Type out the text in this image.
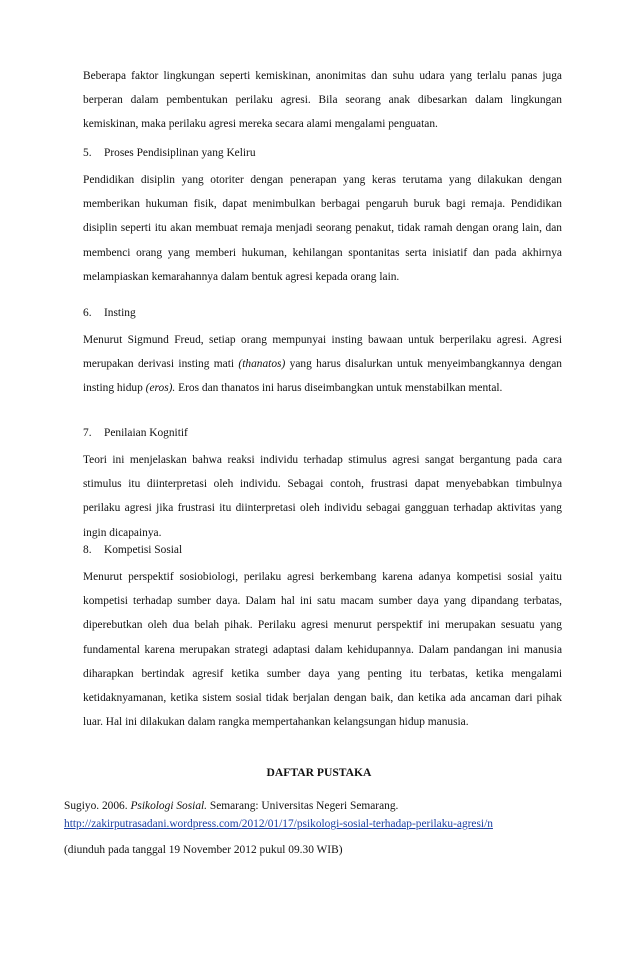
Beberapa faktor lingkungan seperti kemiskinan, anonimitas dan suhu udara yang terlalu panas juga berperan dalam pembentukan perilaku agresi. Bila seorang anak dibesarkan dalam lingkungan kemiskinan, maka perilaku agresi mereka secara alami mengalami penguatan.

5. Proses Pendisiplinan yang Keliru

Pendidikan disiplin yang otoriter dengan penerapan yang keras terutama yang dilakukan dengan memberikan hukuman fisik, dapat menimbulkan berbagai pengaruh buruk bagi remaja. Pendidikan disiplin seperti itu akan membuat remaja menjadi seorang penakut, tidak ramah dengan orang lain, dan membenci orang yang memberi hukuman, kehilangan spontanitas serta inisiatif dan pada akhirnya melampiaskan kemarahannya dalam bentuk agresi kepada orang lain.

6. Insting

Menurut Sigmund Freud, setiap orang mempunyai insting bawaan untuk berperilaku agresi. Agresi merupakan derivasi insting mati (thanatos) yang harus disalurkan untuk menyeimbangkannya dengan insting hidup (eros). Eros dan thanatos ini harus diseimbangkan untuk menstabilkan mental.

7. Penilaian Kognitif

Teori ini menjelaskan bahwa reaksi individu terhadap stimulus agresi sangat bergantung pada cara stimulus itu diinterpretasi oleh individu. Sebagai contoh, frustrasi dapat menyebabkan timbulnya perilaku agresi jika frustrasi itu diinterpretasi oleh individu sebagai gangguan terhadap aktivitas yang ingin dicapainya.

8. Kompetisi Sosial

Menurut perspektif sosiobiologi, perilaku agresi berkembang karena adanya kompetisi sosial yaitu kompetisi terhadap sumber daya. Dalam hal ini satu macam sumber daya yang dipandang terbatas, diperebutkan oleh dua belah pihak. Perilaku agresi menurut perspektif ini merupakan sesuatu yang fundamental karena merupakan strategi adaptasi dalam kehidupannya. Dalam pandangan ini manusia diharapkan bertindak agresif ketika sumber daya yang penting itu terbatas, ketika mengalami ketidaknyamanan, ketika sistem sosial tidak berjalan dengan baik, dan ketika ada ancaman dari pihak luar. Hal ini dilakukan dalam rangka mempertahankan kelangsungan hidup manusia.

DAFTAR PUSTAKA
Sugiyo. 2006. Psikologi Sosial. Semarang: Universitas Negeri Semarang.
http://zakirputrasadani.wordpress.com/2012/01/17/psikologi-sosial-terhadap-perilaku-agresi/n
(diunduh pada tanggal 19 November 2012 pukul 09.30 WIB)
